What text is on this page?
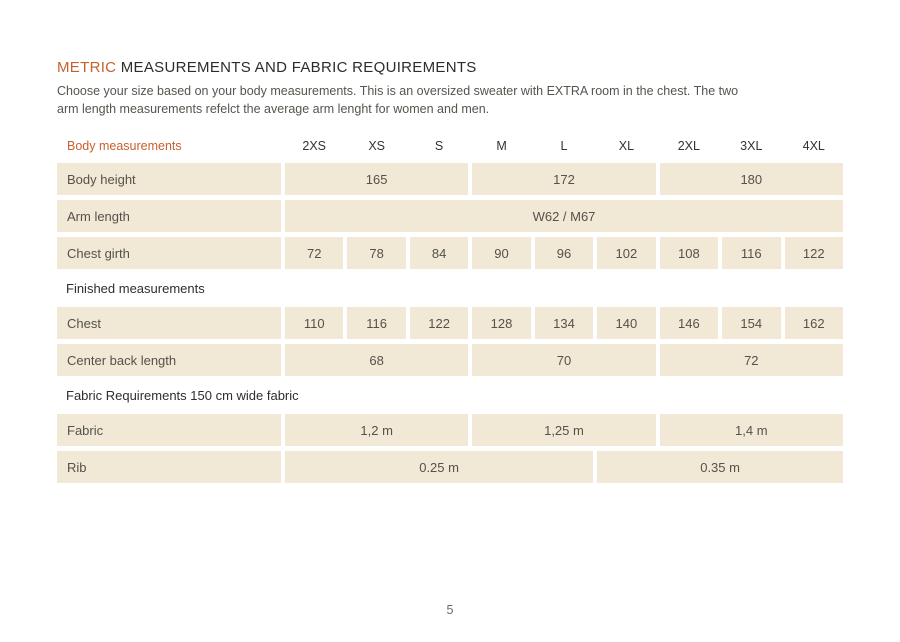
METRIC MEASUREMENTS AND FABRIC REQUIREMENTS
Choose your size based on your body measurements. This is an oversized sweater with EXTRA room in the chest. The two
arm length measurements refelct the average arm lenght for women and men.
Body measurements	2XS	XS	S	M	L	XL	2XL	3XL	4XL
Body height	165			172			180		
Arm length	W62 / M67								
Chest girth	72	78	84	90	96	102	108	116	122
Finished measurements									
Chest	110	116	122	128	134	140	146	154	162
Center back length	68			70			72		
Fabric Requirements 150 cm wide fabric									
Fabric	1,2 m			1,25 m			1,4 m		
Rib	0.25 m					0.35 m			
5
